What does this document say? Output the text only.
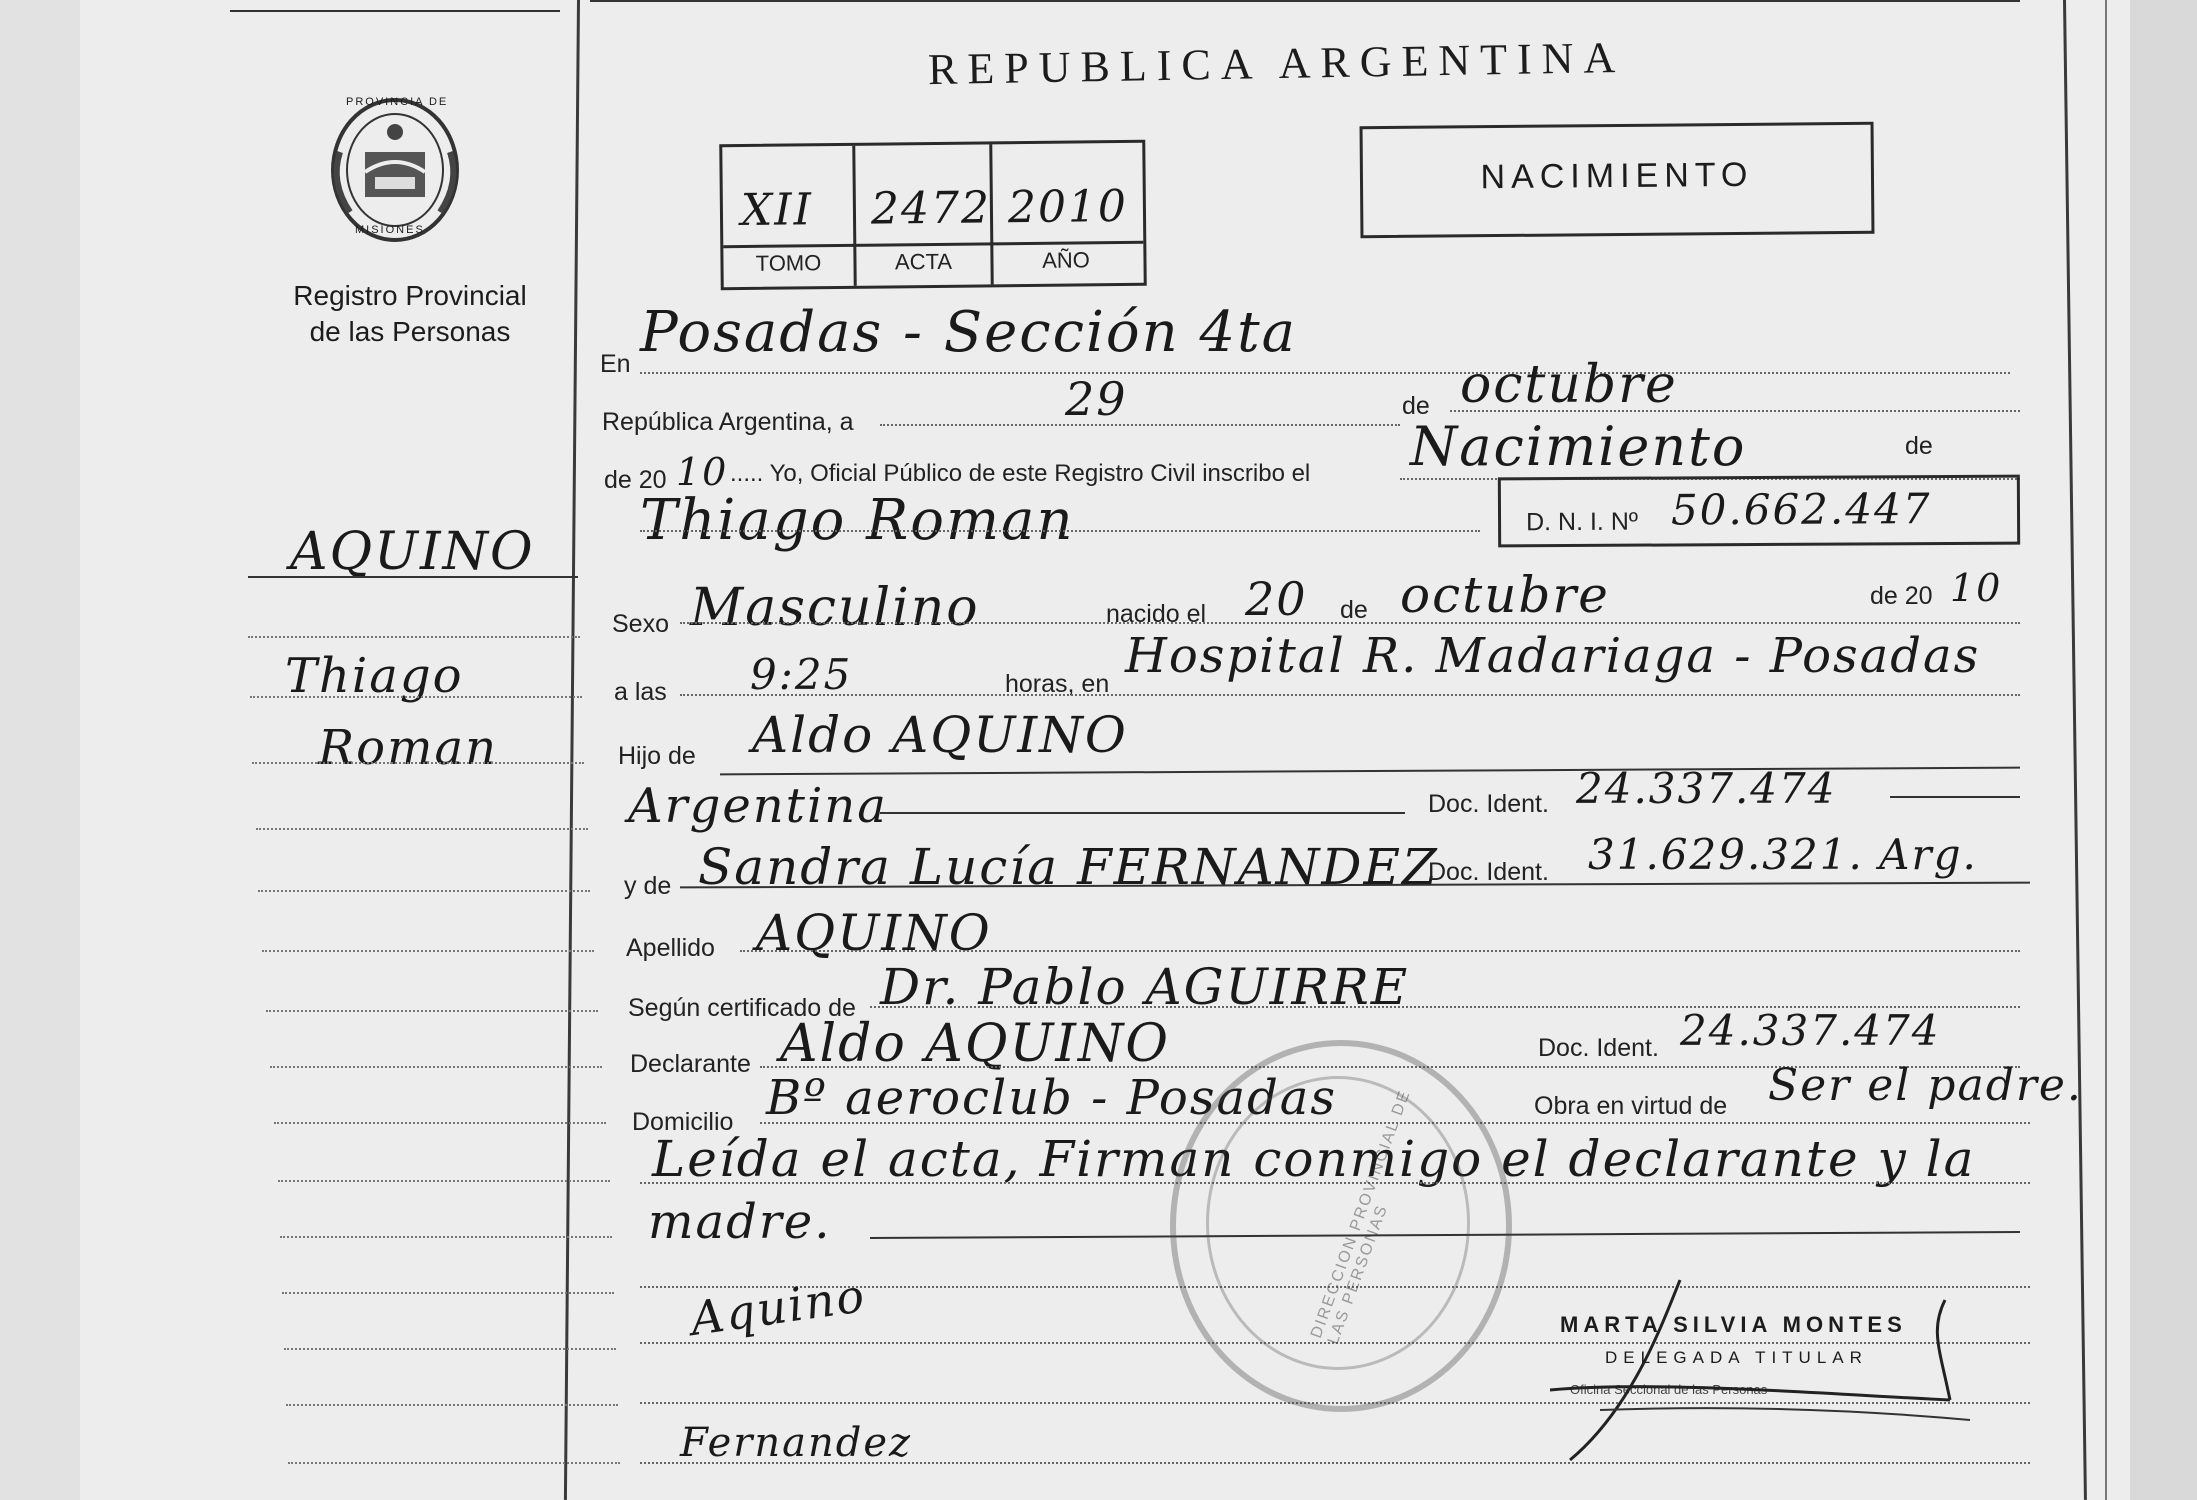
PROVINCIA DE
MISIONES
Registro Provincial
de las Personas
REPUBLICA ARGENTINA
XII 2472 2010
TOMO	ACTA	AÑO
NACIMIENTO
AQUINO
Thiago
Roman
En Posadas - Sección 4ta
República Argentina, a	29	de octubre
de 20 10 ..... Yo, Oficial Público de este Registro Civil inscribo el Nacimiento	de
Thiago Roman	D. N. I. Nº 50.662.447
Sexo Masculino	nacido el 20 de octubre	de 20 10
a las 9:25	horas, en Hospital R. Madariaga - Posadas
Hijo de Aldo AQUINO
Argentina	Doc. Ident. 24.337.474
y de Sandra Lucía FERNANDEZ
Doc. Ident. 31.629.321. Arg.
Apellido AQUINO
Según certificado de Dr. Pablo AGUIRRE
Declarante Aldo AQUINO	Doc. Ident. 24.337.474
Domicilio Bº aeroclub - Posadas	Obra en virtud de Ser el padre.
Leída el acta, Firman conmigo el declarante y la
madre.	DIRECCION PROVINCIAL DE LAS PERSONAS
Aquino
Fernandez
MARTA SILVIA MONTES
DELEGADA TITULAR
Oficina Seccional de las Personas
